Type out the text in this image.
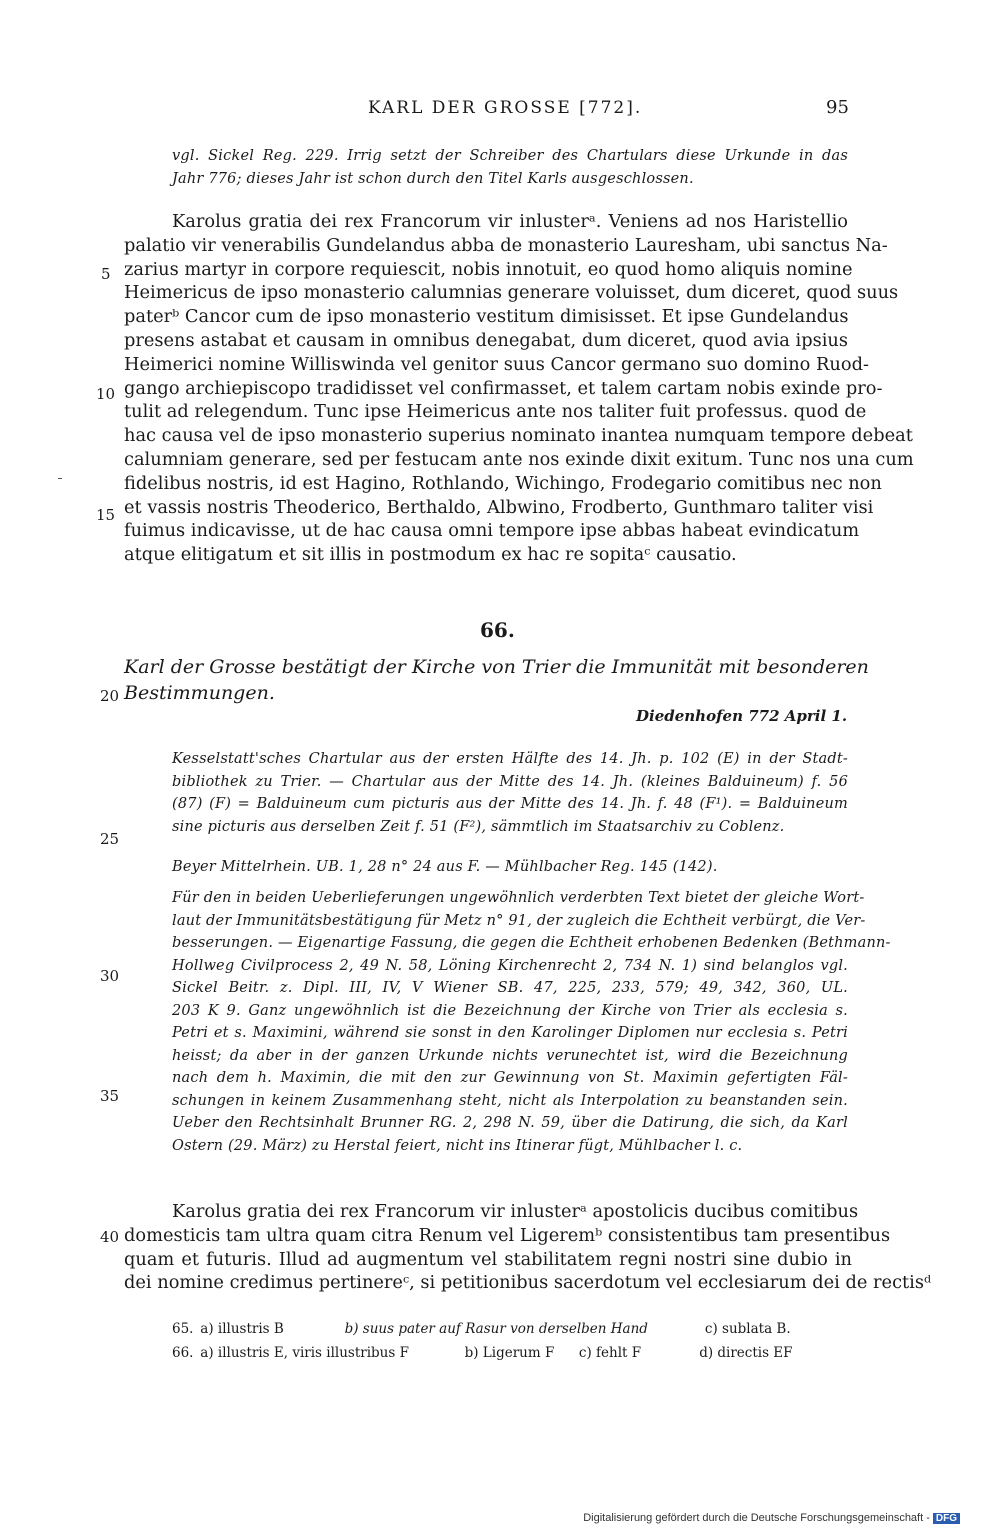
KARL DER GROSSE [772].	95
vgl. Sickel Reg. 229. Irrig setzt der Schreiber des Chartulars diese Urkunde in das
Jahr 776; dieses Jahr ist schon durch den Titel Karls ausgeschlossen.
Karolus gratia dei rex Francorum vir inlusterᵃ. Veniens ad nos Haristellio
palatio vir venerabilis Gundelandus abba de monasterio Lauresham, ubi sanctus Na-
zarius martyr in corpore requiescit, nobis innotuit, eo quod homo aliquis nomine
Heimericus de ipso monasterio calumnias generare voluisset, dum diceret, quod suus
paterᵇ Cancor cum de ipso monasterio vestitum dimisisset. Et ipse Gundelandus
presens astabat et causam in omnibus denegabat, dum diceret, quod avia ipsius
Heimerici nomine Williswinda vel genitor suus Cancor germano suo domino Ruod-
gango archiepiscopo tradidisset vel confirmasset, et talem cartam nobis exinde pro-
tulit ad relegendum. Tunc ipse Heimericus ante nos taliter fuit professus. quod de
hac causa vel de ipso monasterio superius nominato inantea numquam tempore debeat
calumniam generare, sed per festucam ante nos exinde dixit exitum. Tunc nos una cum
fidelibus nostris, id est Hagino, Rothlando, Wichingo, Frodegario comitibus nec non
et vassis nostris Theoderico, Berthaldo, Albwino, Frodberto, Gunthmaro taliter visi
fuimus indicavisse, ut de hac causa omni tempore ipse abbas habeat evindicatum
atque elitigatum et sit illis in postmodum ex hac re sopitaᶜ causatio.
5
10
15
66.
Karl der Grosse bestätigt der Kirche von Trier die Immunität mit besonderen
Bestimmungen.
20
Diedenhofen 772 April 1.
Kesselstatt'sches Chartular aus der ersten Hälfte des 14. Jh. p. 102 (E) in der Stadt-
bibliothek zu Trier. — Chartular aus der Mitte des 14. Jh. (kleines Balduineum) f. 56
(87) (F) = Balduineum cum picturis aus der Mitte des 14. Jh. f. 48 (F¹). = Balduineum
sine picturis aus derselben Zeit f. 51 (F²), sämmtlich im Staatsarchiv zu Coblenz.
25
Beyer Mittelrhein. UB. 1, 28 n° 24 aus F. — Mühlbacher Reg. 145 (142).
Für den in beiden Ueberlieferungen ungewöhnlich verderbten Text bietet der gleiche Wort-
laut der Immunitätsbestätigung für Metz n° 91, der zugleich die Echtheit verbürgt, die Ver-
besserungen. — Eigenartige Fassung, die gegen die Echtheit erhobenen Bedenken (Bethmann-
Hollweg Civilprocess 2, 49 N. 58, Löning Kirchenrecht 2, 734 N. 1) sind belanglos vgl.
Sickel Beitr. z. Dipl. III, IV, V Wiener SB. 47, 225, 233, 579; 49, 342, 360, UL.
203 K 9. Ganz ungewöhnlich ist die Bezeichnung der Kirche von Trier als ecclesia s.
Petri et s. Maximini, während sie sonst in den Karolinger Diplomen nur ecclesia s. Petri
heisst; da aber in der ganzen Urkunde nichts verunechtet ist, wird die Bezeichnung
nach dem h. Maximin, die mit den zur Gewinnung von St. Maximin gefertigten Fäl-
schungen in keinem Zusammenhang steht, nicht als Interpolation zu beanstanden sein.
Ueber den Rechtsinhalt Brunner RG. 2, 298 N. 59, über die Datirung, die sich, da Karl
Ostern (29. März) zu Herstal feiert, nicht ins Itinerar fügt, Mühlbacher l. c.
30
35
Karolus gratia dei rex Francorum vir inlusterᵃ apostolicis ducibus comitibus
domesticis tam ultra quam citra Renum vel Ligeremᵇ consistentibus tam presentibus
quam et futuris. Illud ad augmentum vel stabilitatem regni nostri sine dubio in
dei nomine credimus pertinereᶜ, si petitionibus sacerdotum vel ecclesiarum dei de rectisᵈ
40
65. a) illustris B	b) suus pater auf Rasur von derselben Hand	c) sublata B.
66. a) illustris E, viris illustribus F	b) Ligerum F c) fehlt F	d) directis EF
Digitalisierung gefördert durch die Deutsche Forschungsgemeinschaft - DFG
